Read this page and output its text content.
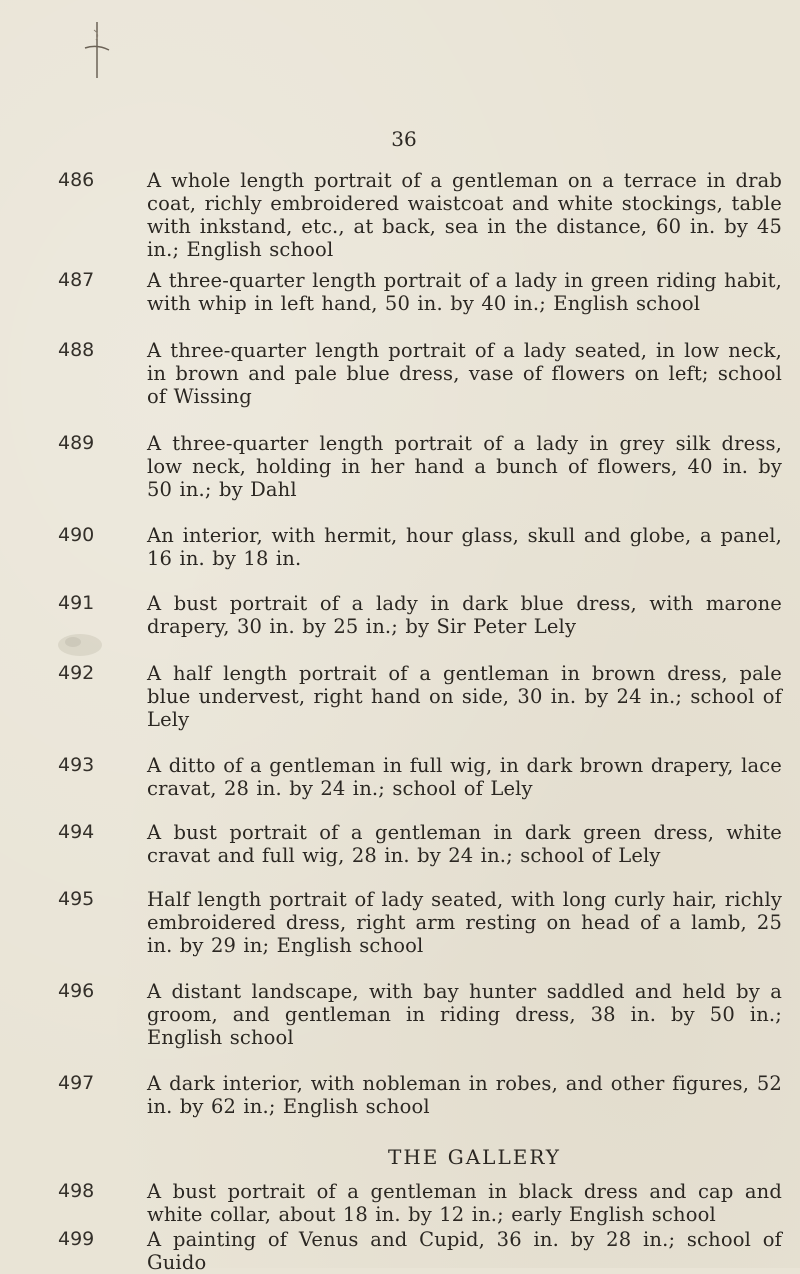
36
486	A whole length portrait of a gentleman on a terrace in drab coat, richly embroidered waistcoat and white stockings, table with inkstand, etc., at back, sea in the distance, 60 in. by 45 in.; English school
487	A three-quarter length portrait of a lady in green riding habit, with whip in left hand, 50 in. by 40 in.; English school
488	A three-quarter length portrait of a lady seated, in low neck, in brown and pale blue dress, vase of flowers on left; school of Wissing
489	A three-quarter length portrait of a lady in grey silk dress, low neck, holding in her hand a bunch of flowers, 40 in. by 50 in.; by Dahl
490	An interior, with hermit, hour glass, skull and globe, a panel, 16 in. by 18 in.
491	A bust portrait of a lady in dark blue dress, with marone drapery, 30 in. by 25 in.; by Sir Peter Lely
492	A half length portrait of a gentleman in brown dress, pale blue undervest, right hand on side, 30 in. by 24 in.; school of Lely
493	A ditto of a gentleman in full wig, in dark brown drapery, lace cravat, 28 in. by 24 in.; school of Lely
494	A bust portrait of a gentleman in dark green dress, white cravat and full wig, 28 in. by 24 in.; school of Lely
495	Half length portrait of lady seated, with long curly hair, richly embroidered dress, right arm resting on head of a lamb, 25 in. by 29 in; English school
496	A distant landscape, with bay hunter saddled and held by a groom, and gentleman in riding dress, 38 in. by 50 in.; English school
497	A dark interior, with nobleman in robes, and other figures, 52 in. by 62 in.; English school
THE GALLERY
498	A bust portrait of a gentleman in black dress and cap and white collar, about 18 in. by 12 in.; early English school
499	A painting of Venus and Cupid, 36 in. by 28 in.; school of Guido
